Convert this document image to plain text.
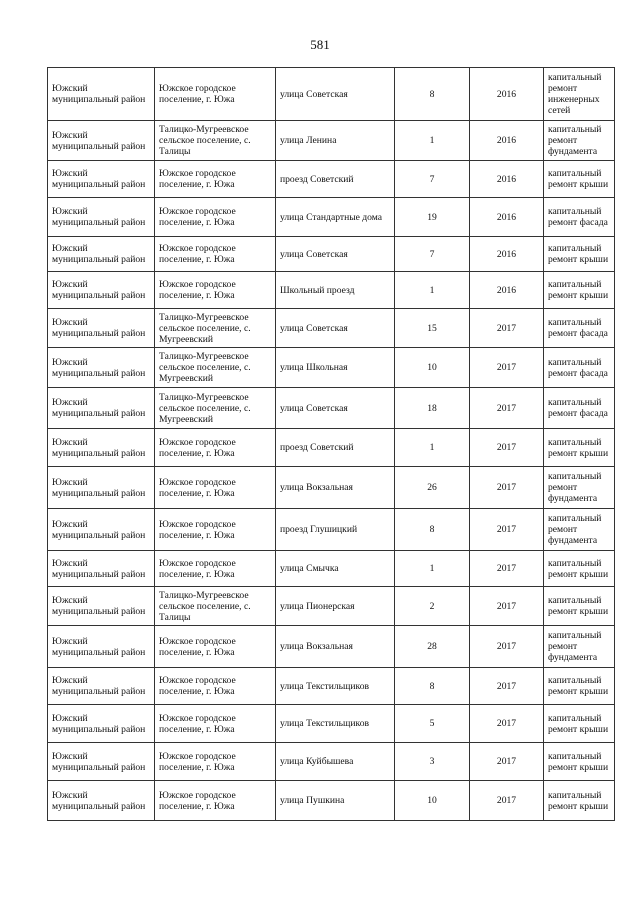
581
Южский муниципальный район	Южское городское поселение, г. Южа	улица Советская	8	2016	капитальный ремонт инженерных сетей
Южский муниципальный район	Талицко-Мугреевское сельское поселение, с. Талицы	улица Ленина	1	2016	капитальный ремонт фундамента
Южский муниципальный район	Южское городское поселение, г. Южа	проезд Советский	7	2016	капитальный ремонт крыши
Южский муниципальный район	Южское городское поселение, г. Южа	улица Стандартные дома	19	2016	капитальный ремонт фасада
Южский муниципальный район	Южское городское поселение, г. Южа	улица Советская	7	2016	капитальный ремонт крыши
Южский муниципальный район	Южское городское поселение, г. Южа	Школьный проезд	1	2016	капитальный ремонт крыши
Южский муниципальный район	Талицко-Мугреевское сельское поселение, с. Мугреевский	улица Советская	15	2017	капитальный ремонт фасада
Южский муниципальный район	Талицко-Мугреевское сельское поселение, с. Мугреевский	улица Школьная	10	2017	капитальный ремонт фасада
Южский муниципальный район	Талицко-Мугреевское сельское поселение, с. Мугреевский	улица Советская	18	2017	капитальный ремонт фасада
Южский муниципальный район	Южское городское поселение, г. Южа	проезд Советский	1	2017	капитальный ремонт крыши
Южский муниципальный район	Южское городское поселение, г. Южа	улица Вокзальная	26	2017	капитальный ремонт фундамента
Южский муниципальный район	Южское городское поселение, г. Южа	проезд Глушицкий	8	2017	капитальный ремонт фундамента
Южский муниципальный район	Южское городское поселение, г. Южа	улица Смычка	1	2017	капитальный ремонт крыши
Южский муниципальный район	Талицко-Мугреевское сельское поселение, с. Талицы	улица Пионерская	2	2017	капитальный ремонт крыши
Южский муниципальный район	Южское городское поселение, г. Южа	улица Вокзальная	28	2017	капитальный ремонт фундамента
Южский муниципальный район	Южское городское поселение, г. Южа	улица Текстильщиков	8	2017	капитальный ремонт крыши
Южский муниципальный район	Южское городское поселение, г. Южа	улица Текстильщиков	5	2017	капитальный ремонт крыши
Южский муниципальный район	Южское городское поселение, г. Южа	улица Куйбышева	3	2017	капитальный ремонт крыши
Южский муниципальный район	Южское городское поселение, г. Южа	улица Пушкина	10	2017	капитальный ремонт крыши
